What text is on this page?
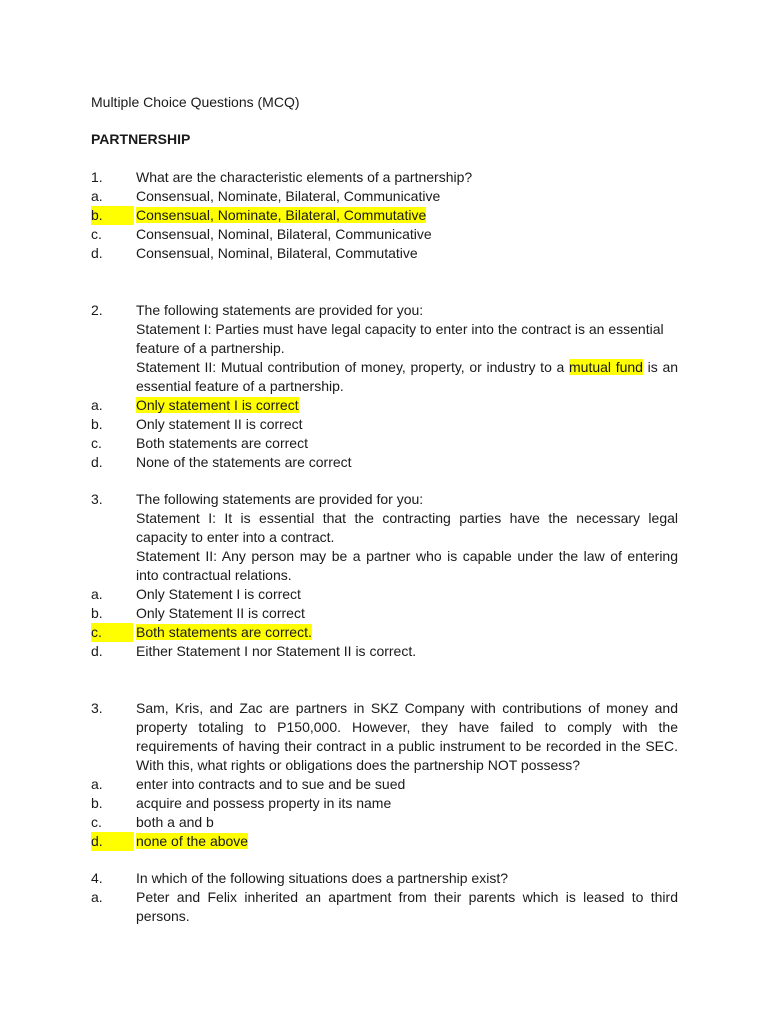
Multiple Choice Questions (MCQ)
PARTNERSHIP
1. What are the characteristic elements of a partnership?

a. Consensual, Nominate, Bilateral, Communicative
b.	Consensual, Nominate, Bilateral, Commutative
c. Consensual, Nominal, Bilateral, Communicative
d. Consensual, Nominal, Bilateral, Commutative
2. The following statements are provided for you:

Statement I: Parties must have legal capacity to enter into the contract is an essential feature of a partnership.

Statement II: Mutual contribution of money, property, or industry to a mutual fund is an essential feature of a partnership.

a. Only statement I is correct
b. Only statement II is correct
c. Both statements are correct
d. None of the statements are correct
3. The following statements are provided for you:

Statement I: It is essential that the contracting parties have the necessary legal capacity to enter into a contract.

Statement II: Any person may be a partner who is capable under the law of entering into contractual relations.

a. Only Statement I is correct
b. Only Statement II is correct
c.	Both statements are correct.
d. Either Statement I nor Statement II is correct.
3. Sam, Kris, and Zac are partners in SKZ Company with contributions of money and property totaling to P150,000. However, they have failed to comply with the requirements of having their contract in a public instrument to be recorded in the SEC. With this, what rights or obligations does the partnership NOT possess?

a. enter into contracts and to sue and be sued
b. acquire and possess property in its name
c. both a and b
d.	none of the above
4. In which of the following situations does a partnership exist?

a. Peter and Felix inherited an apartment from their parents which is leased to third persons.
